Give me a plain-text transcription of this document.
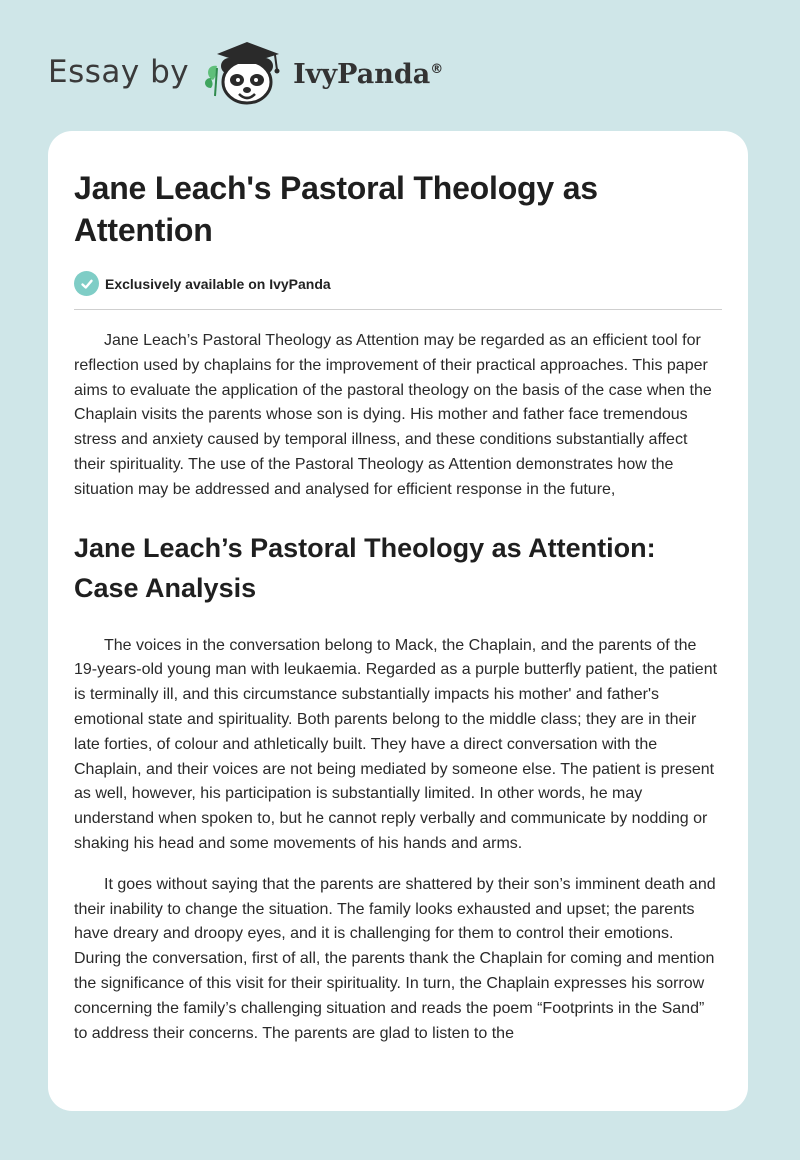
Essay by	IvyPanda®
Jane Leach's Pastoral Theology as Attention
Exclusively available on IvyPanda

Jane Leach’s Pastoral Theology as Attention may be regarded as an efficient tool for reflection used by chaplains for the improvement of their practical approaches. This paper aims to evaluate the application of the pastoral theology on the basis of the case when the Chaplain visits the parents whose son is dying. His mother and father face tremendous stress and anxiety caused by temporal illness, and these conditions substantially affect their spirituality. The use of the Pastoral Theology as Attention demonstrates how the situation may be addressed and analysed for efficient response in the future,

Jane Leach’s Pastoral Theology as Attention: Case Analysis

The voices in the conversation belong to Mack, the Chaplain, and the parents of the 19-years-old young man with leukaemia. Regarded as a purple butterfly patient, the patient is terminally ill, and this circumstance substantially impacts his mother' and father's emotional state and spirituality. Both parents belong to the middle class; they are in their late forties, of colour and athletically built. They have a direct conversation with the Chaplain, and their voices are not being mediated by someone else. The patient is present as well, however, his participation is substantially limited. In other words, he may understand when spoken to, but he cannot reply verbally and communicate by nodding or shaking his head and some movements of his hands and arms.

It goes without saying that the parents are shattered by their son’s imminent death and their inability to change the situation. The family looks exhausted and upset; the parents have dreary and droopy eyes, and it is challenging for them to control their emotions. During the conversation, first of all, the parents thank the Chaplain for coming and mention the significance of this visit for their spirituality. In turn, the Chaplain expresses his sorrow concerning the family’s challenging situation and reads the poem “Footprints in the Sand” to address their concerns. The parents are glad to listen to the
